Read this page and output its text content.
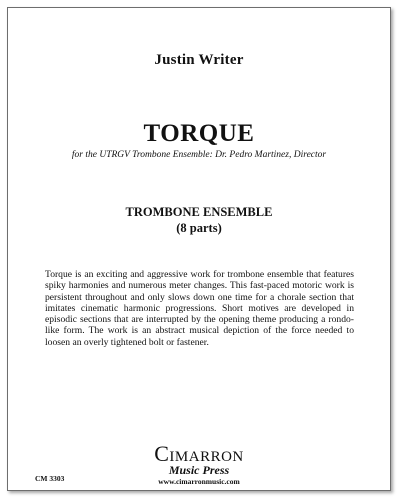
Justin Writer
TORQUE
for the UTRGV Trombone Ensemble: Dr. Pedro Martinez, Director
TROMBONE ENSEMBLE
(8 parts)

Torque is an exciting and aggressive work for trombone ensemble that features spiky harmonies and numerous meter changes. This fast-paced motoric work is persistent throughout and only slows down one time for a chorale section that imitates cinematic harmonic progressions. Short motives are developed in episodic sections that are interrupted by the opening theme producing a rondo-like form. The work is an abstract musical depiction of the force needed to loosen an overly tightened bolt or fastener.

CIMARRON
Music Press
www.cimarronmusic.com
CM 3303
